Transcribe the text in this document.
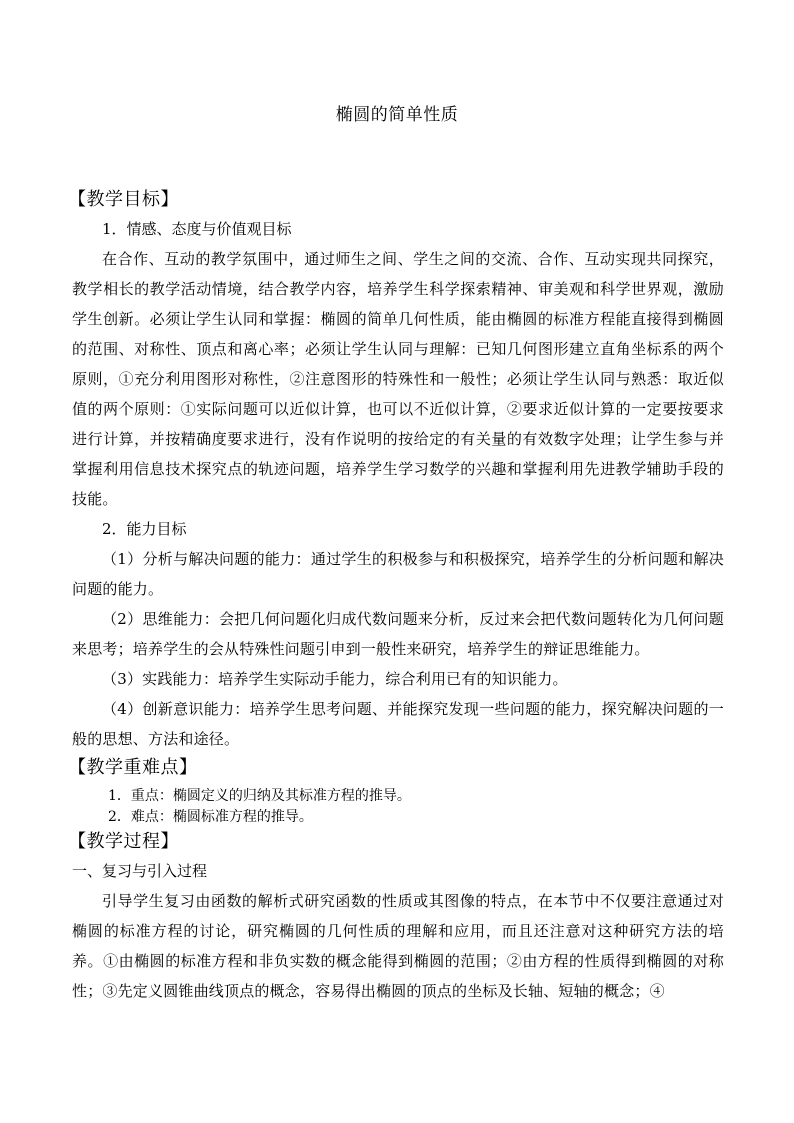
椭圆的简单性质
【教学目标】
1．情感、态度与价值观目标
在合作、互动的教学氛围中，通过师生之间、学生之间的交流、合作、互动实现共同探究，教学相长的教学活动情境，结合教学内容，培养学生科学探索精神、审美观和科学世界观，激励学生创新。必须让学生认同和掌握：椭圆的简单几何性质，能由椭圆的标准方程能直接得到椭圆的范围、对称性、顶点和离心率；必须让学生认同与理解：已知几何图形建立直角坐标系的两个原则，①充分利用图形对称性，②注意图形的特殊性和一般性；必须让学生认同与熟悉：取近似值的两个原则：①实际问题可以近似计算，也可以不近似计算，②要求近似计算的一定要按要求进行计算，并按精确度要求进行，没有作说明的按给定的有关量的有效数字处理；让学生参与并掌握利用信息技术探究点的轨迹问题，培养学生学习数学的兴趣和掌握利用先进教学辅助手段的技能。
2．能力目标
（1）分析与解决问题的能力：通过学生的积极参与和积极探究，培养学生的分析问题和解决问题的能力。
（2）思维能力：会把几何问题化归成代数问题来分析，反过来会把代数问题转化为几何问题来思考；培养学生的会从特殊性问题引申到一般性来研究，培养学生的辩证思维能力。
（3）实践能力：培养学生实际动手能力，综合利用已有的知识能力。
（4）创新意识能力：培养学生思考问题、并能探究发现一些问题的能力，探究解决问题的一般的思想、方法和途径。
【教学重难点】
1．重点：椭圆定义的归纳及其标准方程的推导。
2．难点：椭圆标准方程的推导。
【教学过程】
一、复习与引入过程
引导学生复习由函数的解析式研究函数的性质或其图像的特点，在本节中不仅要注意通过对椭圆的标准方程的讨论，研究椭圆的几何性质的理解和应用，而且还注意对这种研究方法的培养。①由椭圆的标准方程和非负实数的概念能得到椭圆的范围；②由方程的性质得到椭圆的对称性；③先定义圆锥曲线顶点的概念，容易得出椭圆的顶点的坐标及长轴、短轴的概念；④
